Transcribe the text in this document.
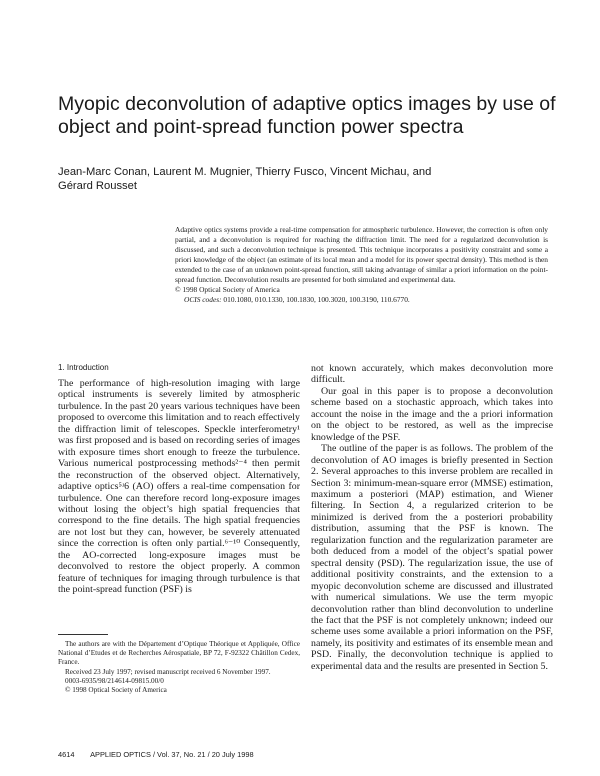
Myopic deconvolution of adaptive optics images by use of object and point-spread function power spectra
Jean-Marc Conan, Laurent M. Mugnier, Thierry Fusco, Vincent Michau, and
Gérard Rousset

Adaptive optics systems provide a real-time compensation for atmospheric turbulence. However, the correction is often only partial, and a deconvolution is required for reaching the diffraction limit. The need for a regularized deconvolution is discussed, and such a deconvolution technique is presented. This technique incorporates a positivity constraint and some a priori knowledge of the object (an estimate of its local mean and a model for its power spectral density). This method is then extended to the case of an unknown point-spread function, still taking advantage of similar a priori information on the point-spread function. Deconvolution results are presented for both simulated and experimental data.

© 1998 Optical Society of America

OCIS codes: 010.1080, 010.1330, 100.1830, 100.3020, 100.3190, 110.6770.

1. Introduction

The performance of high-resolution imaging with large optical instruments is severely limited by atmospheric turbulence. In the past 20 years various techniques have been proposed to overcome this limitation and to reach effectively the diffraction limit of telescopes. Speckle interferometry¹ was first proposed and is based on recording series of images with exposure times short enough to freeze the turbulence. Various numerical postprocessing methods²⁻⁴ then permit the reconstruction of the observed object. Alternatively, adaptive optics⁵ʴ6 (AO) offers a real-time compensation for turbulence. One can therefore record long-exposure images without losing the object’s high spatial frequencies that correspond to the fine details. The high spatial frequencies are not lost but they can, however, be severely attenuated since the correction is often only partial.⁶⁻¹⁰ Consequently, the AO-corrected long-exposure images must be deconvolved to restore the object properly. A common feature of techniques for imaging through turbulence is that the point-spread function (PSF) is

not known accurately, which makes deconvolution more difficult.

Our goal in this paper is to propose a deconvolution scheme based on a stochastic approach, which takes into account the noise in the image and the a priori information on the object to be restored, as well as the imprecise knowledge of the PSF.

The outline of the paper is as follows. The problem of the deconvolution of AO images is briefly presented in Section 2. Several approaches to this inverse problem are recalled in Section 3: minimum-mean-square error (MMSE) estimation, maximum a posteriori (MAP) estimation, and Wiener filtering. In Section 4, a regularized criterion to be minimized is derived from the a posteriori probability distribution, assuming that the PSF is known. The regularization function and the regularization parameter are both deduced from a model of the object’s spatial power spectral density (PSD). The regularization issue, the use of additional positivity constraints, and the extension to a myopic deconvolution scheme are discussed and illustrated with numerical simulations. We use the term myopic deconvolution rather than blind deconvolution to underline the fact that the PSF is not completely unknown; indeed our scheme uses some available a priori information on the PSF, namely, its positivity and estimates of its ensemble mean and PSD. Finally, the deconvolution technique is applied to experimental data and the results are presented in Section 5.

The authors are with the Département d’Optique Théorique et Appliquée, Office National d’Etudes et de Recherches Aérospatiale, BP 72, F-92322 Châtillon Cedex, France.

Received 23 July 1997; revised manuscript received 6 November 1997.

0003-6935/98/214614-09815.00/0

© 1998 Optical Society of America

4614 APPLIED OPTICS / Vol. 37, No. 21 / 20 July 1998
